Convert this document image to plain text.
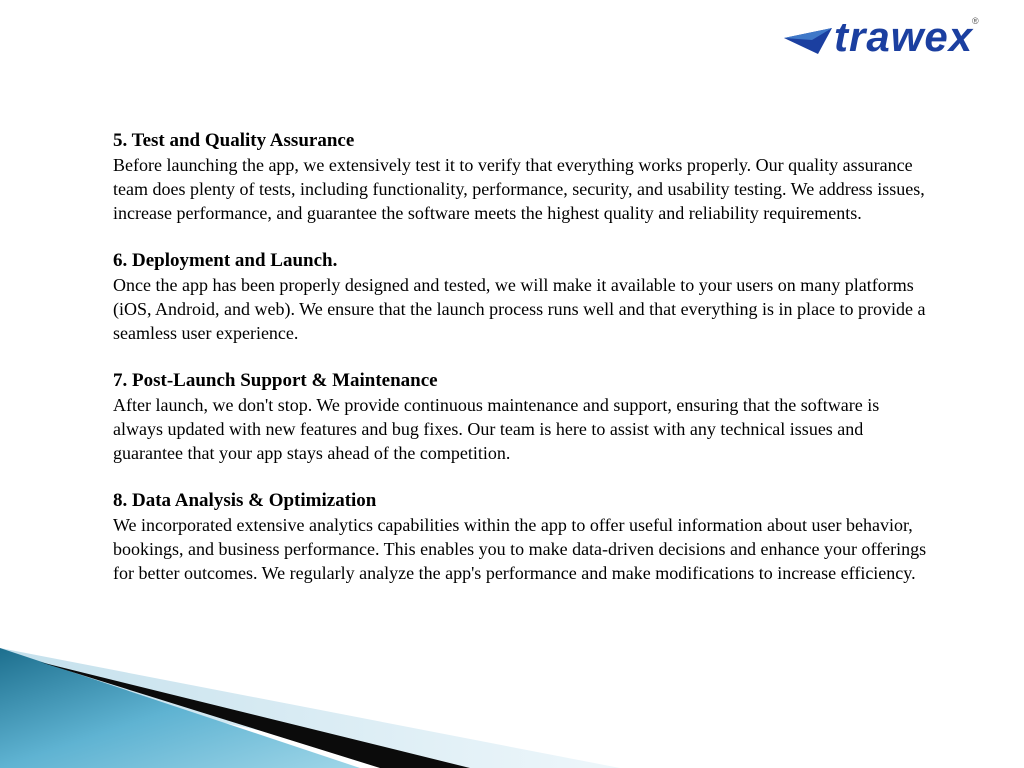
trawex
®
5. Test and Quality Assurance

Before launching the app, we extensively test it to verify that everything works properly. Our quality assurance team does plenty of tests, including functionality, performance, security, and usability testing. We address issues, increase performance, and guarantee the software meets the highest quality and reliability requirements.

6. Deployment and Launch.

Once the app has been properly designed and tested, we will make it available to your users on many platforms (iOS, Android, and web). We ensure that the launch process runs well and that everything is in place to provide a seamless user experience.

7. Post-Launch Support & Maintenance

After launch, we don't stop. We provide continuous maintenance and support, ensuring that the software is always updated with new features and bug fixes. Our team is here to assist with any technical issues and guarantee that your app stays ahead of the competition.

8. Data Analysis & Optimization

We incorporated extensive analytics capabilities within the app to offer useful information about user behavior, bookings, and business performance. This enables you to make data-driven decisions and enhance your offerings for better outcomes. We regularly analyze the app's performance and make modifications to increase efficiency.
